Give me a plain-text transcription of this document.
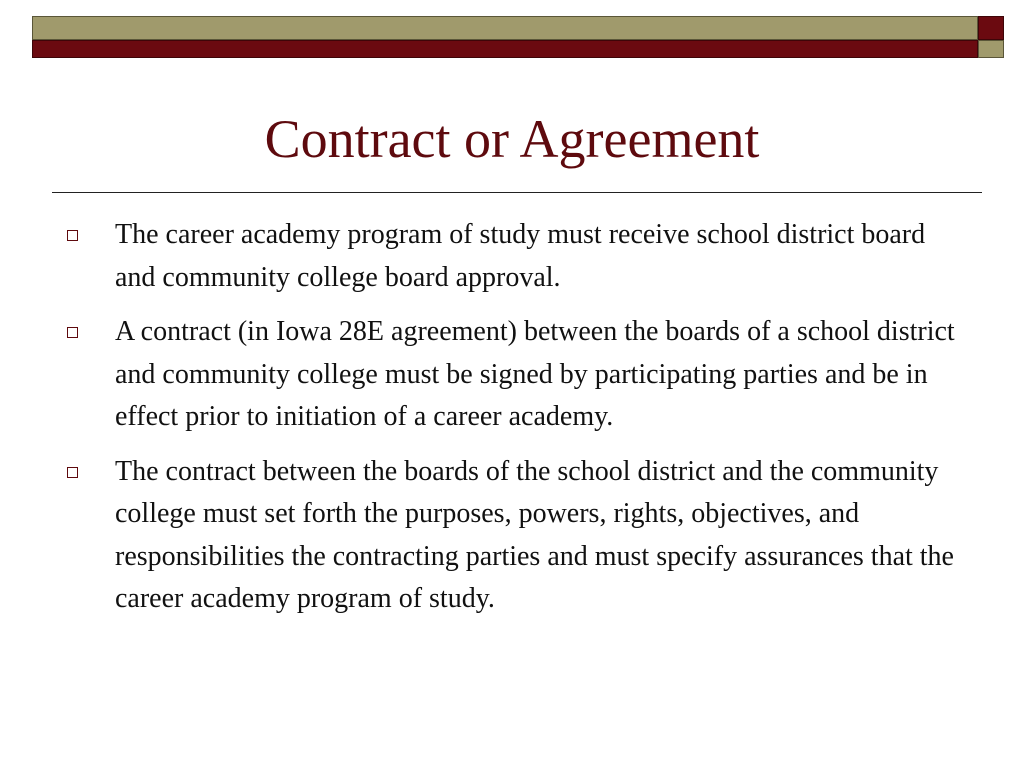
Contract or Agreement
The career academy program of study must receive school district board and community college board approval.
A contract (in Iowa 28E agreement) between the boards of a school district and community college must be signed by participating parties and be in effect prior to initiation of a career academy.
The contract between the boards of the school district and the community college must set forth the purposes, powers, rights, objectives, and responsibilities the contracting parties and must specify assurances that the career academy program of study.
